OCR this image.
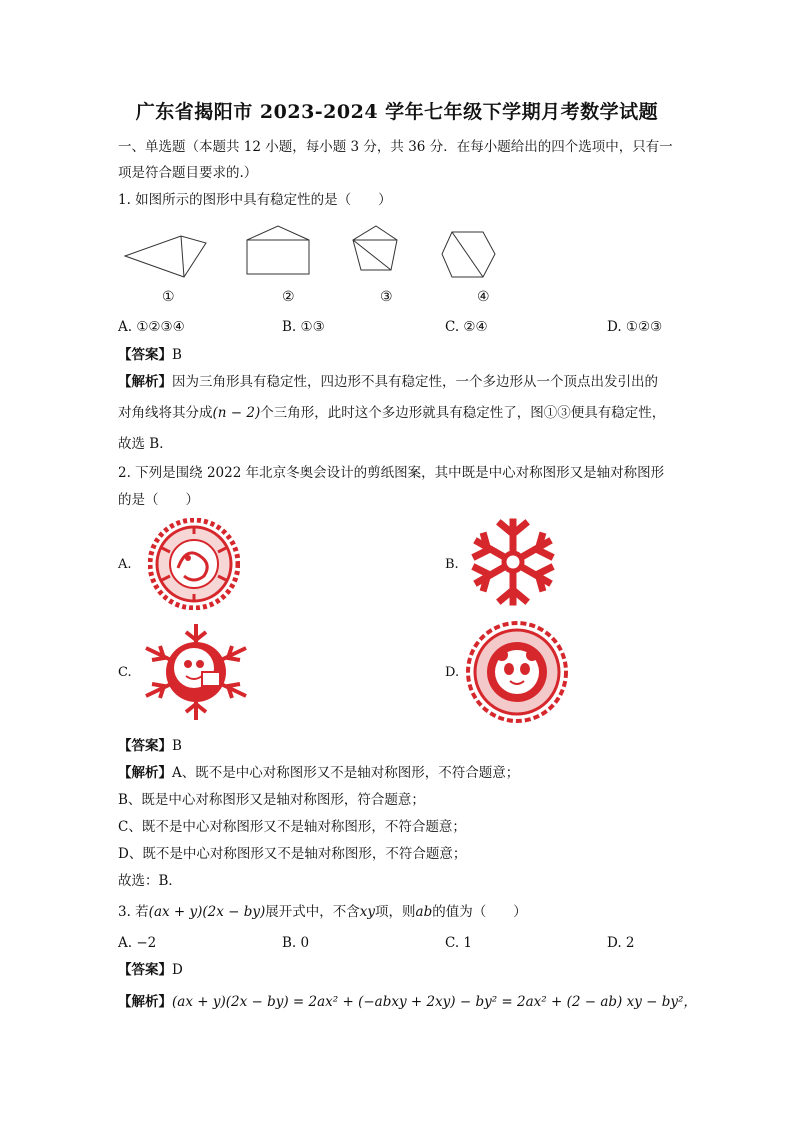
广东省揭阳市 2023-2024 学年七年级下学期月考数学试题
一、单选题（本题共 12 小题，每小题 3 分，共 36 分．在每小题给出的四个选项中，只有一
项是符合题目要求的.）
1. 如图所示的图形中具有稳定性的是（　　）
①	②	③	④
A. ①②③④	B. ①③	C. ②④	D. ①②③
【答案】B
【解析】因为三角形具有稳定性，四边形不具有稳定性，一个多边形从一个顶点出发引出的
对角线将其分成(n − 2)个三角形，此时这个多边形就具有稳定性了，图①③便具有稳定性，
故选 B．
2. 下列是围绕 2022 年北京冬奥会设计的剪纸图案，其中既是中心对称图形又是轴对称图形
的是（　　）
A.	B.
C.	D.
【答案】B
【解析】A、既不是中心对称图形又不是轴对称图形，不符合题意；
B、既是中心对称图形又是轴对称图形，符合题意；
C、既不是中心对称图形又不是轴对称图形，不符合题意；
D、既不是中心对称图形又不是轴对称图形，不符合题意；
故选：B．
3. 若(ax + y)(2x − by)展开式中，不含xy项，则ab的值为（　　）
A. −2	B. 0	C. 1	D. 2
【答案】D
【解析】(ax + y)(2x − by) = 2ax² + (−abxy + 2xy) − by² = 2ax² + (2 − ab) xy − by²，
